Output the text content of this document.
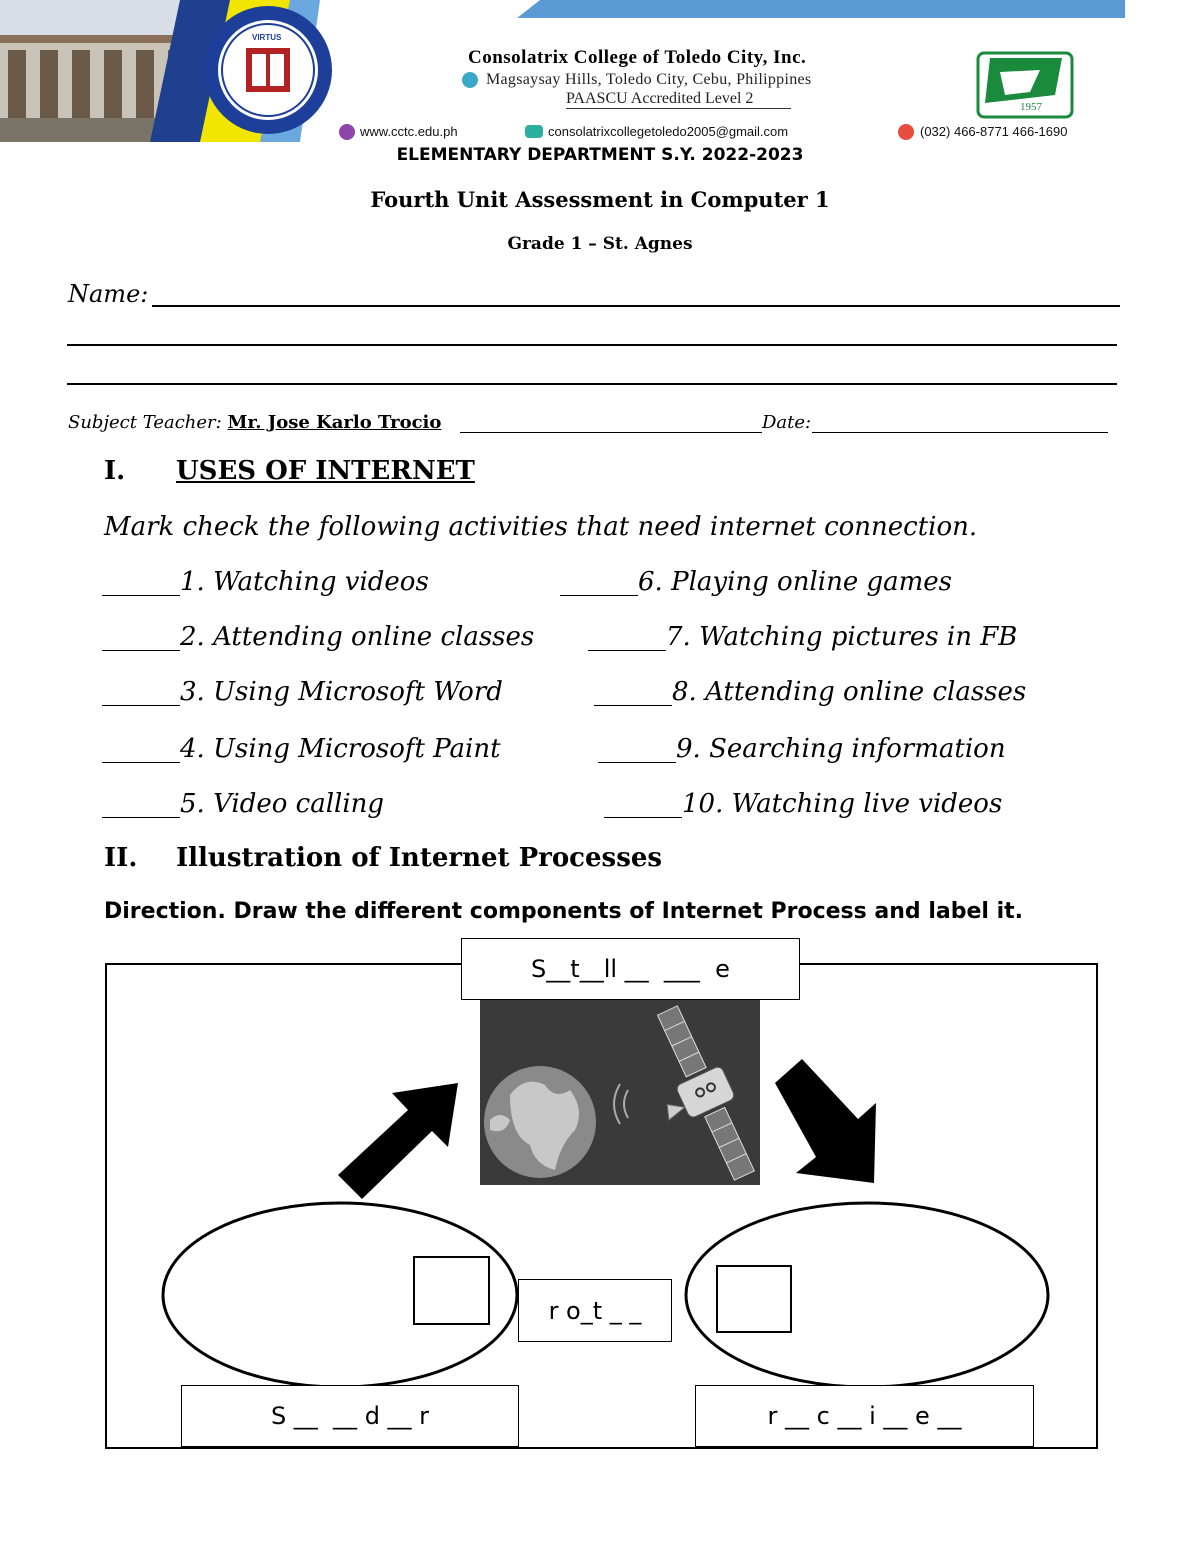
Consolatrix College of Toledo City, Inc.
Magsaysay Hills, Toledo City, Cebu, Philippines
PAASCU Accredited Level 2
www.cctc.edu.ph	consolatrixcollegetoledo2005@gmail.com	(032) 466-8771 466-1690
1957
VIRTUS
ELEMENTARY DEPARTMENT S.Y. 2022-2023
Fourth Unit Assessment in Computer 1
Grade 1 – St. Agnes
Name:
Subject Teacher: Mr. Jose Karlo Trocio	Date:
I. USES OF INTERNET
Mark check the following activities that need internet connection.
______1. Watching videos
______2. Attending online classes
______3. Using Microsoft Word
______4. Using Microsoft Paint
______5. Video calling
______6. Playing online games
______7. Watching pictures in FB
______8. Attending online classes
______9. Searching information
______10. Watching live videos
II. Illustration of Internet Processes
Direction. Draw the different components of Internet Process and label it.
S__t__ll __  ___  e
r o_t _ _
S __  __ d __ r	r __ c __ i __ e __
